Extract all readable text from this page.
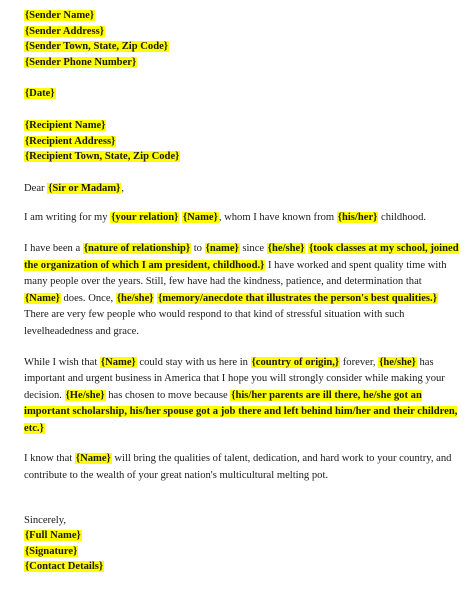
{Sender Name}
{Sender Address}
{Sender Town, State, Zip Code}
{Sender Phone Number}
{Date}
{Recipient Name}
{Recipient Address}
{Recipient Town, State, Zip Code}
Dear {Sir or Madam},
I am writing for my {your relation} {Name}, whom I have known from {his/her} childhood.
I have been a {nature of relationship} to {name} since {he/she} {took classes at my school, joined the organization of which I am president, childhood.} I have worked and spent quality time with many people over the years. Still, few have had the kindness, patience, and determination that {Name} does. Once, {he/she} {memory/anecdote that illustrates the person's best qualities.} There are very few people who would respond to that kind of stressful situation with such levelheadedness and grace.
While I wish that {Name} could stay with us here in {country of origin,} forever, {he/she} has important and urgent business in America that I hope you will strongly consider while making your decision. {He/she} has chosen to move because {his/her parents are ill there, he/she got an important scholarship, his/her spouse got a job there and left behind him/her and their children, etc.}
I know that {Name} will bring the qualities of talent, dedication, and hard work to your country, and contribute to the wealth of your great nation's multicultural melting pot.
Sincerely,
{Full Name}
{Signature}
{Contact Details}
